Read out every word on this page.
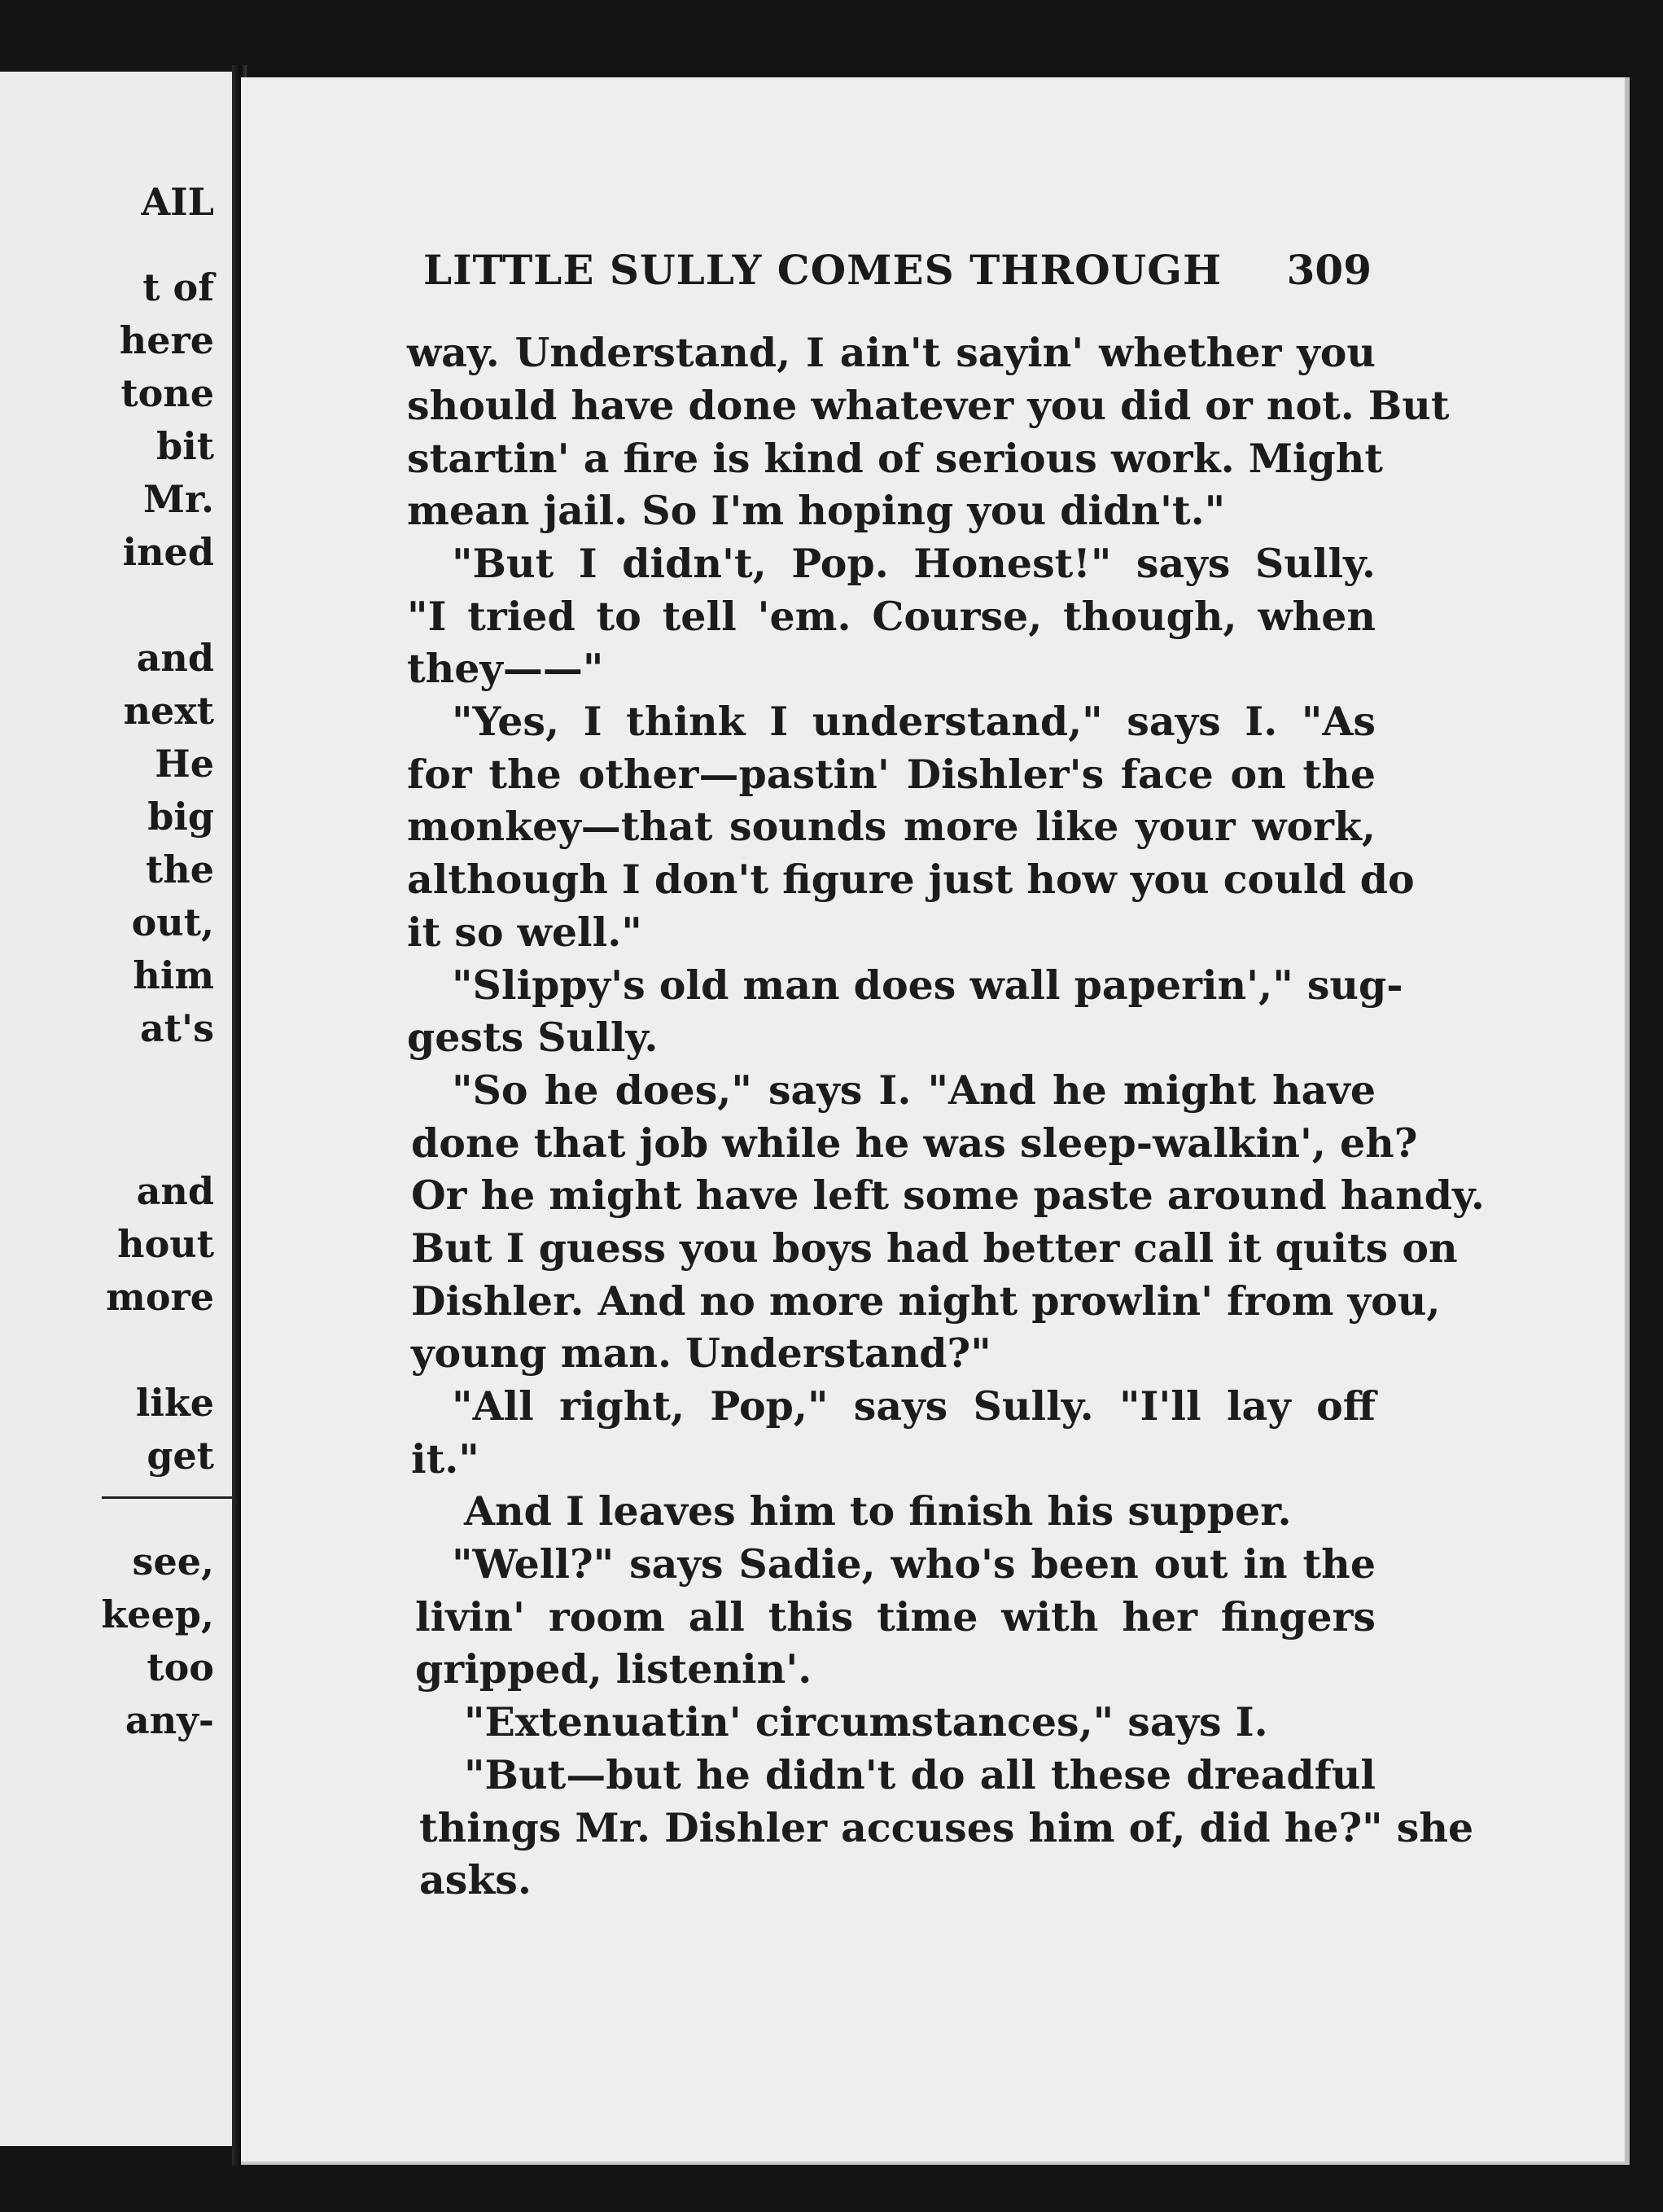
AIL
t of
here
tone
bit
Mr.
ined
and
next
He
big
the
out,
him
at's
and
hout
more
like
get
see,
keep,
too
any-
LITTLE SULLY COMES THROUGH 309
way. Understand, I ain't sayin' whether you
should have done whatever you did or not. But
startin' a fire is kind of serious work. Might
mean jail. So I'm hoping you didn't."
"But I didn't, Pop. Honest!" says Sully.
"I tried to tell 'em. Course, though, when
they——"
"Yes, I think I understand," says I. "As
for the other—pastin' Dishler's face on the
monkey—that sounds more like your work,
although I don't figure just how you could do
it so well."
"Slippy's old man does wall paperin'," sug-
gests Sully.
"So he does," says I. "And he might have
done that job while he was sleep-walkin', eh?
Or he might have left some paste around handy.
But I guess you boys had better call it quits on
Dishler. And no more night prowlin' from you,
young man. Understand?"
"All right, Pop," says Sully. "I'll lay off
it."
And I leaves him to finish his supper.
"Well?" says Sadie, who's been out in the
livin' room all this time with her fingers
gripped, listenin'.
"Extenuatin' circumstances," says I.
"But—but he didn't do all these dreadful
things Mr. Dishler accuses him of, did he?" she
asks.
